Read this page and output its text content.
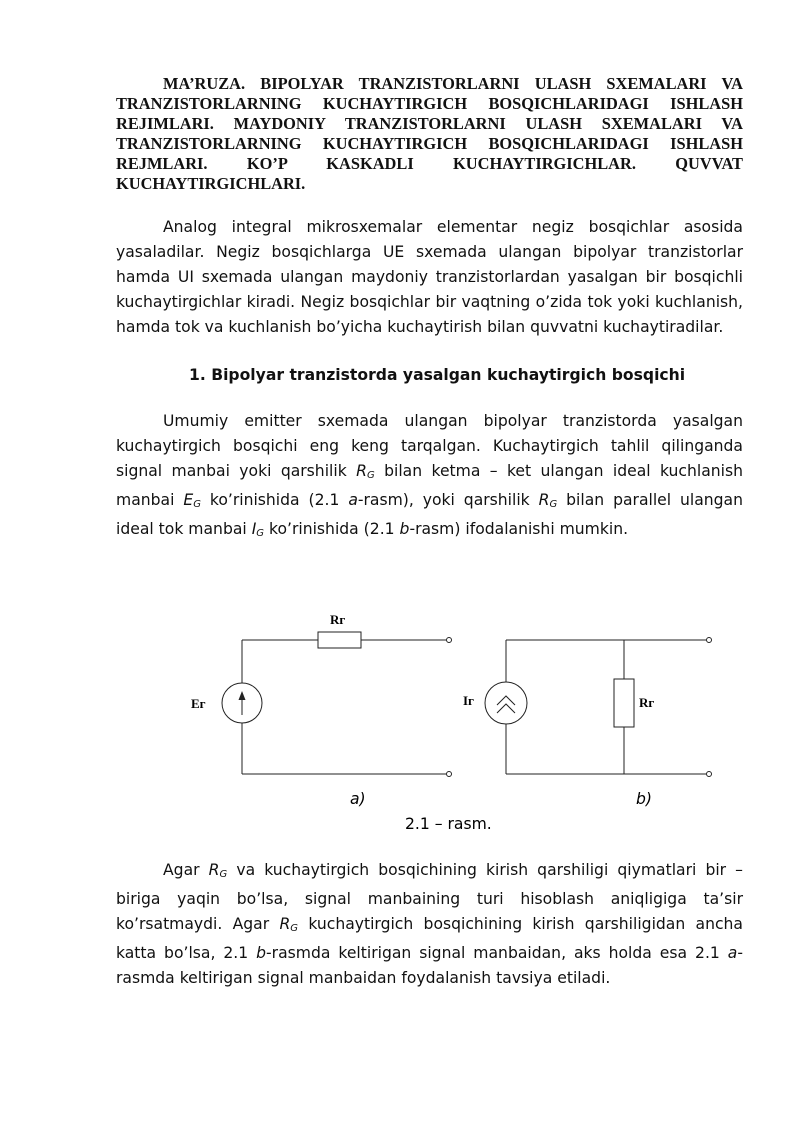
MA’RUZA. BIPOLYAR TRANZISTORLARNI ULASH SXEMALARI VA TRANZISTORLARNING KUCHAYTIRGICH BOSQICHLARIDAGI ISHLASH REJIMLARI. MAYDONIY TRANZISTORLARNI ULASH SXEMALARI VA TRANZISTORLARNING KUCHAYTIRGICH BOSQICHLARIDAGI ISHLASH REJMLARI. KO’P KASKADLI KUCHAYTIRGICHLAR. QUVVAT KUCHAYTIRGICHLARI.

Analog integral mikrosxemalar elementar negiz bosqichlar asosida yasaladilar. Negiz bosqichlarga UE sxemada ulangan bipolyar tranzistorlar hamda UI sxemada ulangan maydoniy tranzistorlardan yasalgan bir bosqichli kuchaytirgichlar kiradi. Negiz bosqichlar bir vaqtning o’zida tok yoki kuchlanish, hamda tok va kuchlanish bo’yicha kuchaytirish bilan quvvatni kuchaytiradilar.

1. Bipolyar tranzistorda yasalgan kuchaytirgich bosqichi

Umumiy emitter sxemada ulangan bipolyar tranzistorda yasalgan kuchaytirgich bosqichi eng keng tarqalgan. Kuchaytirgich tahlil qilinganda signal manbai yoki qarshilik $R_G$ bilan ketma – ket ulangan ideal kuchlanish manbai $E_G$ ko’rinishida (2.1 a-rasm), yoki qarshilik $R_G$ bilan parallel ulangan ideal tok manbai $I_G$ ko’rinishida (2.1 b-rasm) ifodalanishi mumkin.

Rг
Eг
a)
Iг	Rг
b)
2.1 – rasm.

Agar $R_G$ va kuchaytirgich bosqichining kirish qarshiligi qiymatlari bir – biriga yaqin bo’lsa, signal manbaining turi hisoblash aniqligiga ta’sir ko’rsatmaydi. Agar $R_G$ kuchaytirgich bosqichining kirish qarshiligidan ancha katta bo’lsa, 2.1 b-rasmda keltirigan signal manbaidan, aks holda esa 2.1 a-rasmda keltirigan signal manbaidan foydalanish tavsiya etiladi.
